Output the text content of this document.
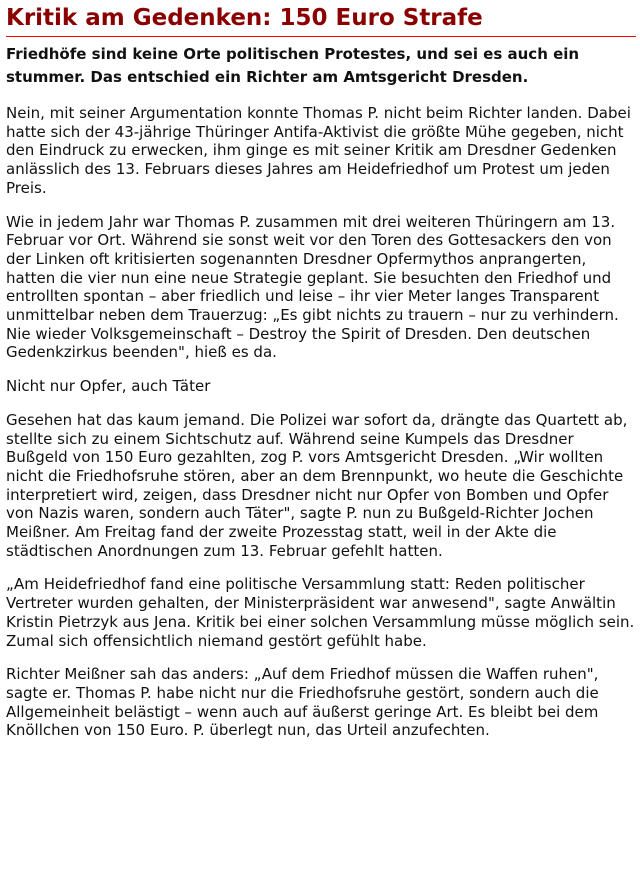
Kritik am Gedenken: 150 Euro Strafe

Friedhöfe sind keine Orte politischen Protestes, und sei es auch ein stummer. Das entschied ein Richter am Amtsgericht Dresden.

Nein, mit seiner Argumentation konnte Thomas P. nicht beim Richter landen. Dabei hatte sich der 43-jährige Thüringer Antifa-Aktivist die größte Mühe gegeben, nicht den Eindruck zu erwecken, ihm ginge es mit seiner Kritik am Dresdner Gedenken anlässlich des 13. Februars dieses Jahres am Heidefriedhof um Protest um jeden Preis.

Wie in jedem Jahr war Thomas P. zusammen mit drei weiteren Thüringern am 13. Februar vor Ort. Während sie sonst weit vor den Toren des Gottesackers den von der Linken oft kritisierten sogenannten Dresdner Opfermythos anprangerten, hatten die vier nun eine neue Strategie geplant. Sie besuchten den Friedhof und entrollten spontan – aber friedlich und leise – ihr vier Meter langes Transparent unmittelbar neben dem Trauerzug: „Es gibt nichts zu trauern – nur zu verhindern. Nie wieder Volksgemeinschaft – Destroy the Spirit of Dresden. Den deutschen Gedenkzirkus beenden", hieß es da.

Nicht nur Opfer, auch Täter

Gesehen hat das kaum jemand. Die Polizei war sofort da, drängte das Quartett ab, stellte sich zu einem Sichtschutz auf. Während seine Kumpels das Dresdner Bußgeld von 150 Euro gezahlten, zog P. vors Amtsgericht Dresden. „Wir wollten nicht die Friedhofsruhe stören, aber an dem Brennpunkt, wo heute die Geschichte interpretiert wird, zeigen, dass Dresdner nicht nur Opfer von Bomben und Opfer von Nazis waren, sondern auch Täter", sagte P. nun zu Bußgeld-Richter Jochen Meißner. Am Freitag fand der zweite Prozesstag statt, weil in der Akte die städtischen Anordnungen zum 13. Februar gefehlt hatten.

„Am Heidefriedhof fand eine politische Versammlung statt: Reden politischer Vertreter wurden gehalten, der Ministerpräsident war anwesend", sagte Anwältin Kristin Pietrzyk aus Jena. Kritik bei einer solchen Versammlung müsse möglich sein. Zumal sich offensichtlich niemand gestört gefühlt habe.

Richter Meißner sah das anders: „Auf dem Friedhof müssen die Waffen ruhen", sagte er. Thomas P. habe nicht nur die Friedhofsruhe gestört, sondern auch die Allgemeinheit belästigt – wenn auch auf äußerst geringe Art. Es bleibt bei dem Knöllchen von 150 Euro. P. überlegt nun, das Urteil anzufechten.
